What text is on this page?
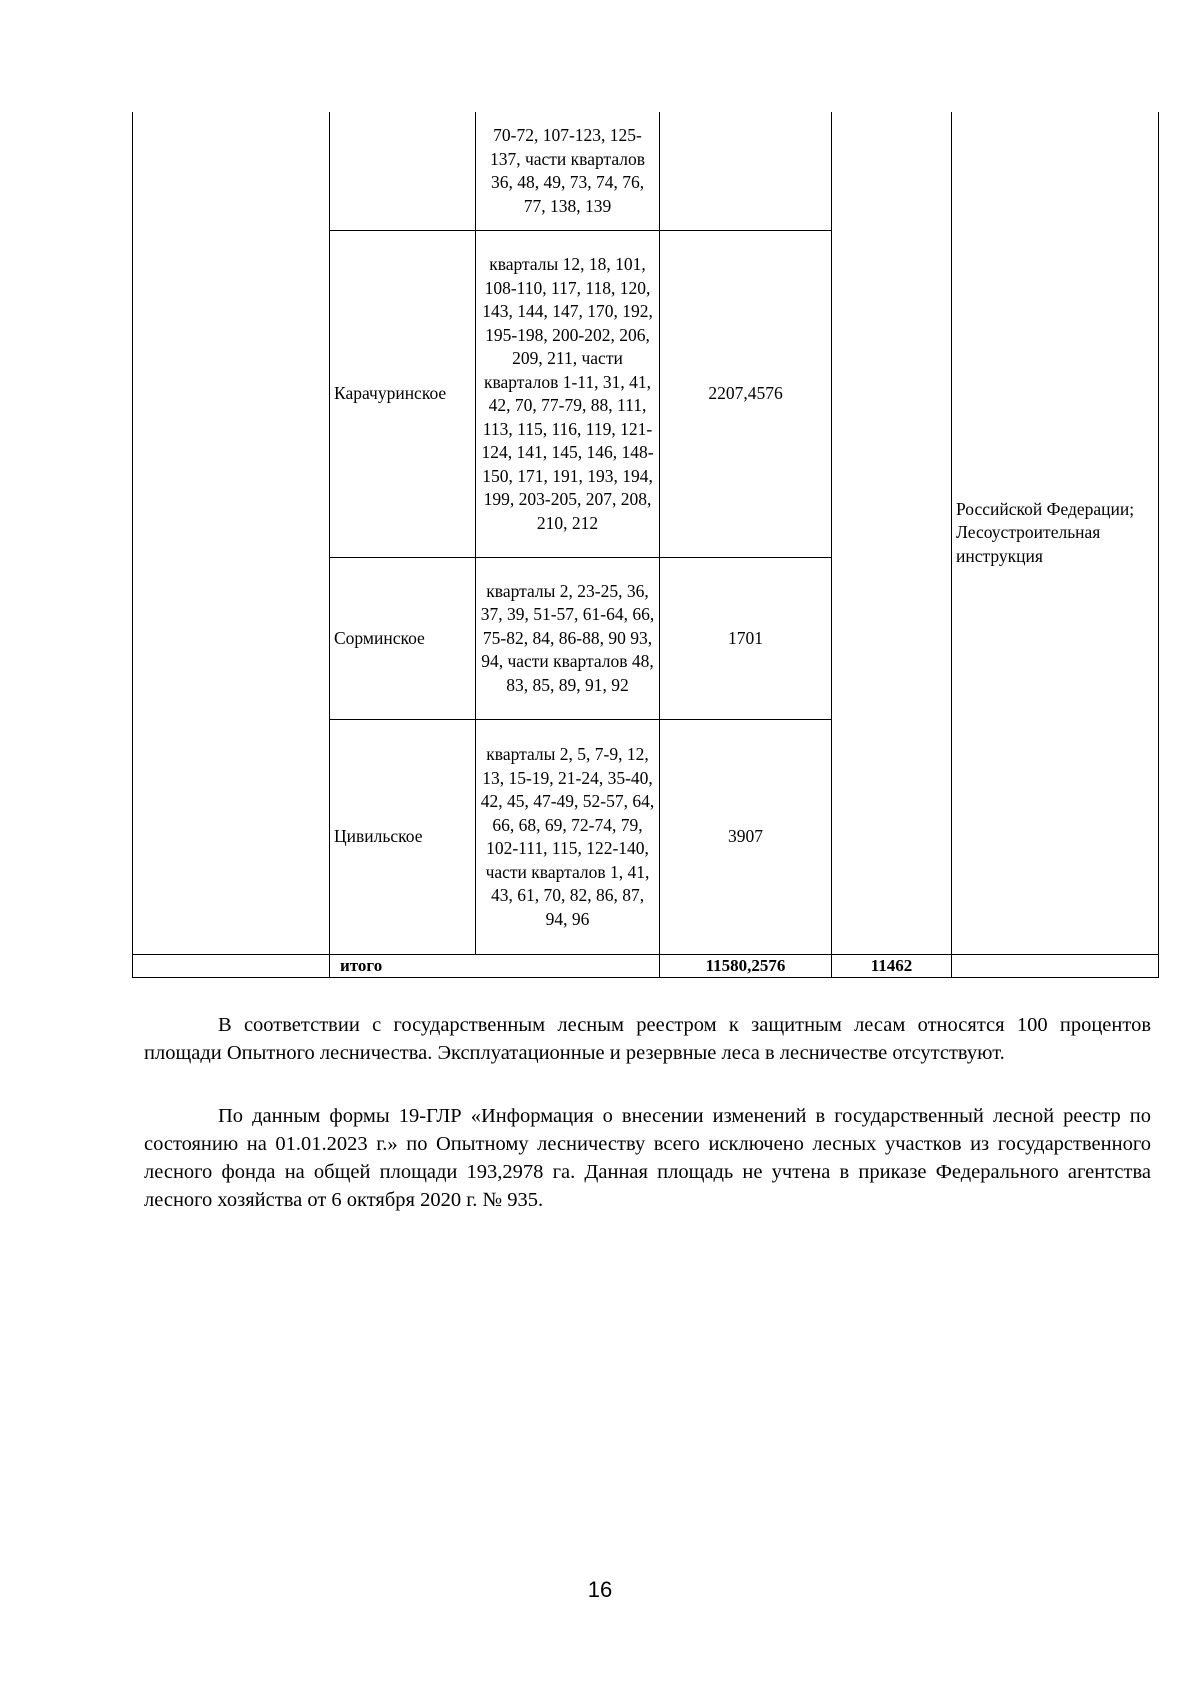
		70-72, 107-123, 125-137, части кварталов 36, 48, 49, 73, 74, 76, 77, 138, 139			Российской Федерации; Лесоустроительная инструкция
	Карачуринское	кварталы 12, 18, 101, 108-110, 117, 118, 120, 143, 144, 147, 170, 192, 195-198, 200-202, 206, 209, 211, части кварталов 1-11, 31, 41, 42, 70, 77-79, 88, 111, 113, 115, 116, 119, 121-124, 141, 145, 146, 148-150, 171, 191, 193, 194, 199, 203-205, 207, 208, 210, 212	2207,4576		
	Сорминское	кварталы 2, 23-25, 36, 37, 39, 51-57, 61-64, 66, 75-82, 84, 86-88, 90 93, 94, части кварталов 48, 83, 85, 89, 91, 92	1701		
	Цивильское	кварталы 2, 5, 7-9, 12, 13, 15-19, 21-24, 35-40, 42, 45, 47-49, 52-57, 64, 66, 68, 69, 72-74, 79, 102-111, 115, 122-140, части кварталов 1, 41, 43, 61, 70, 82, 86, 87, 94, 96	3907		
	итого		11580,2576	11462	

В соответствии с государственным лесным реестром к защитным лесам относятся 100 процентов площади Опытного лесничества. Эксплуатационные и резервные леса в лесничестве отсутствуют.

По данным формы 19-ГЛР «Информация о внесении изменений в государственный лесной реестр по состоянию на 01.01.2023 г.» по Опытному лесничеству всего исключено лесных участков из государственного лесного фонда на общей площади 193,2978 га. Данная площадь не учтена в приказе Федерального агентства лесного хозяйства от 6 октября 2020 г. № 935.

16
